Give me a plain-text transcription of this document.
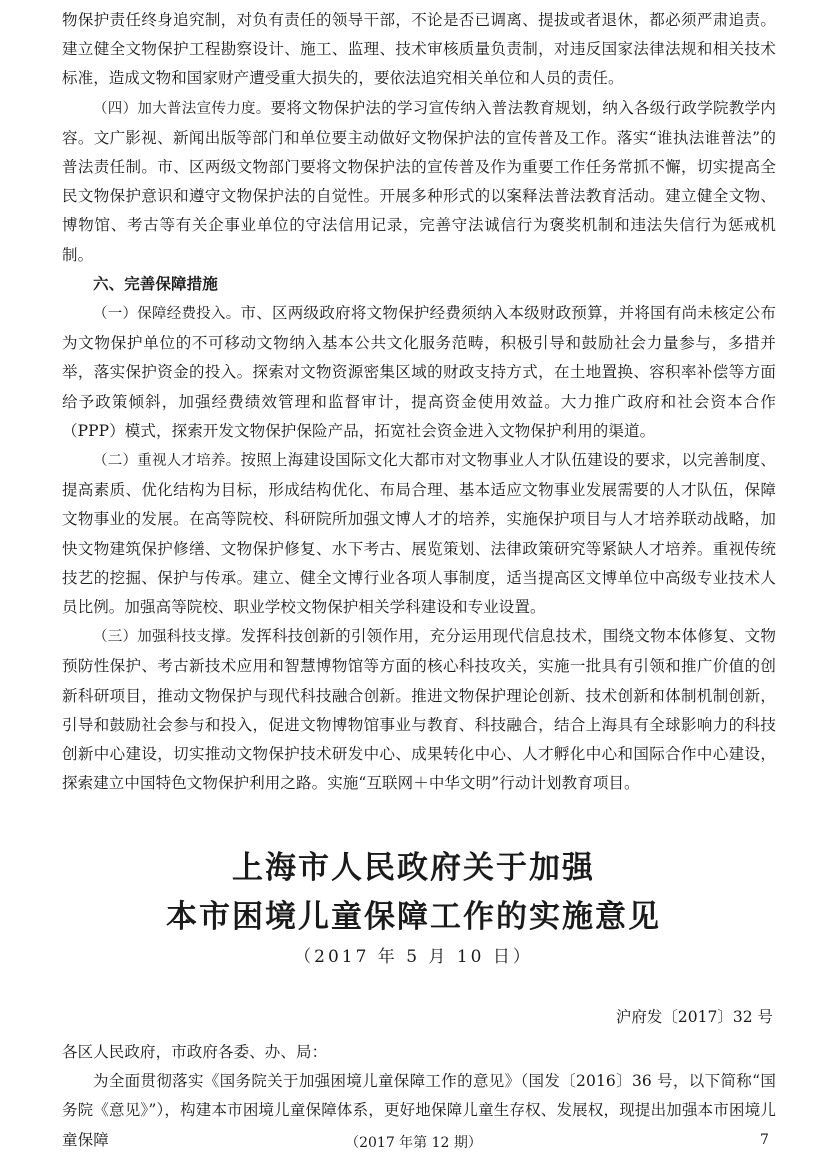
物保护责任终身追究制，对负有责任的领导干部，不论是否已调离、提拔或者退休，都必须严肃追责。建立健全文物保护工程勘察设计、施工、监理、技术审核质量负责制，对违反国家法律法规和相关技术标准，造成文物和国家财产遭受重大损失的，要依法追究相关单位和人员的责任。

（四）加大普法宣传力度。要将文物保护法的学习宣传纳入普法教育规划，纳入各级行政学院教学内容。文广影视、新闻出版等部门和单位要主动做好文物保护法的宣传普及工作。落实“谁执法谁普法”的普法责任制。市、区两级文物部门要将文物保护法的宣传普及作为重要工作任务常抓不懈，切实提高全民文物保护意识和遵守文物保护法的自觉性。开展多种形式的以案释法普法教育活动。建立健全文物、博物馆、考古等有关企事业单位的守法信用记录，完善守法诚信行为褒奖机制和违法失信行为惩戒机制。

六、完善保障措施

（一）保障经费投入。市、区两级政府将文物保护经费须纳入本级财政预算，并将国有尚未核定公布为文物保护单位的不可移动文物纳入基本公共文化服务范畴，积极引导和鼓励社会力量参与，多措并举，落实保护资金的投入。探索对文物资源密集区域的财政支持方式，在土地置换、容积率补偿等方面给予政策倾斜，加强经费绩效管理和监督审计，提高资金使用效益。大力推广政府和社会资本合作（PPP）模式，探索开发文物保护保险产品，拓宽社会资金进入文物保护利用的渠道。

（二）重视人才培养。按照上海建设国际文化大都市对文物事业人才队伍建设的要求，以完善制度、提高素质、优化结构为目标，形成结构优化、布局合理、基本适应文物事业发展需要的人才队伍，保障文物事业的发展。在高等院校、科研院所加强文博人才的培养，实施保护项目与人才培养联动战略，加快文物建筑保护修缮、文物保护修复、水下考古、展览策划、法律政策研究等紧缺人才培养。重视传统技艺的挖掘、保护与传承。建立、健全文博行业各项人事制度，适当提高区文博单位中高级专业技术人员比例。加强高等院校、职业学校文物保护相关学科建设和专业设置。

（三）加强科技支撑。发挥科技创新的引领作用，充分运用现代信息技术，围绕文物本体修复、文物预防性保护、考古新技术应用和智慧博物馆等方面的核心科技攻关，实施一批具有引领和推广价值的创新科研项目，推动文物保护与现代科技融合创新。推进文物保护理论创新、技术创新和体制机制创新，引导和鼓励社会参与和投入，促进文物博物馆事业与教育、科技融合，结合上海具有全球影响力的科技创新中心建设，切实推动文物保护技术研发中心、成果转化中心、人才孵化中心和国际合作中心建设，探索建立中国特色文物保护利用之路。实施“互联网＋中华文明”行动计划教育项目。

上海市人民政府关于加强
本市困境儿童保障工作的实施意见
（2017 年 5 月 10 日）
沪府发〔2017〕32 号

各区人民政府，市政府各委、办、局：

为全面贯彻落实《国务院关于加强困境儿童保障工作的意见》（国发〔2016〕36 号，以下简称“国务院《意见》”），构建本市困境儿童保障体系，更好地保障儿童生存权、发展权，现提出加强本市困境儿童保障	（2017 年第 12 期）	7
